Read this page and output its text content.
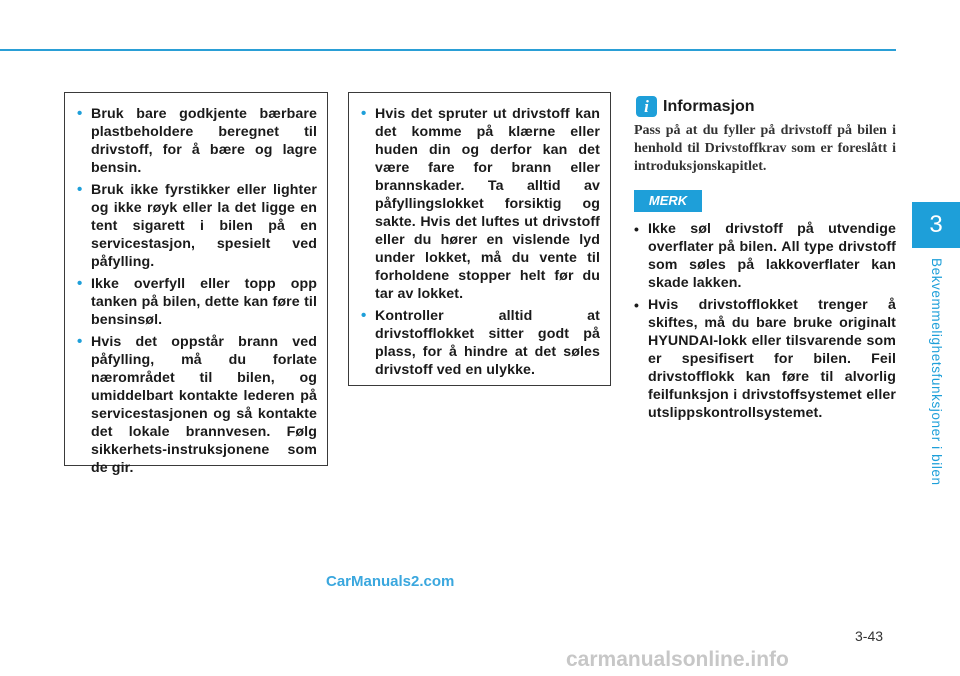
3
Bekvemmelighetsfunksjoner i bilen
• Bruk bare godkjente bærbare plastbeholdere beregnet til drivstoff, for å bære og lagre bensin.
• Bruk ikke fyrstikker eller lighter og ikke røyk eller la det ligge en tent sigarett i bilen på en servicestasjon, spesielt ved påfylling.
• Ikke overfyll eller topp opp tanken på bilen, dette kan føre til bensinsøl.
• Hvis det oppstår brann ved påfylling, må du forlate nærområdet til bilen, og umiddelbart kontakte lederen på servicestasjonen og så kontakte det lokale brannvesen. Følg sikkerhets-instruksjonene som de gir.
• Hvis det spruter ut drivstoff kan det komme på klærne eller huden din og derfor kan det være fare for brann eller brannskader. Ta alltid av påfyllingslokket forsiktig og sakte. Hvis det luftes ut drivstoff eller du hører en vislende lyd under lokket, må du vente til forholdene stopper helt før du tar av lokket.
• Kontroller alltid at drivstofflokket sitter godt på plass, for å hindre at det søles drivstoff ved en ulykke.
i Informasjon
Pass på at du fyller på drivstoff på bilen i henhold til Drivstoffkrav som er foreslått i introduksjonskapitlet.
MERK
• Ikke søl drivstoff på utvendige overflater på bilen. All type drivstoff som søles på lakkoverflater kan skade lakken.
• Hvis drivstofflokket trenger å skiftes, må du bare bruke originalt HYUNDAI-lokk eller tilsvarende som er spesifisert for bilen. Feil drivstofflokk kan føre til alvorlig feilfunksjon i drivstoffsystemet eller utslippskontrollsystemet.
CarManuals2.com
3-43
carmanualsonline.info
